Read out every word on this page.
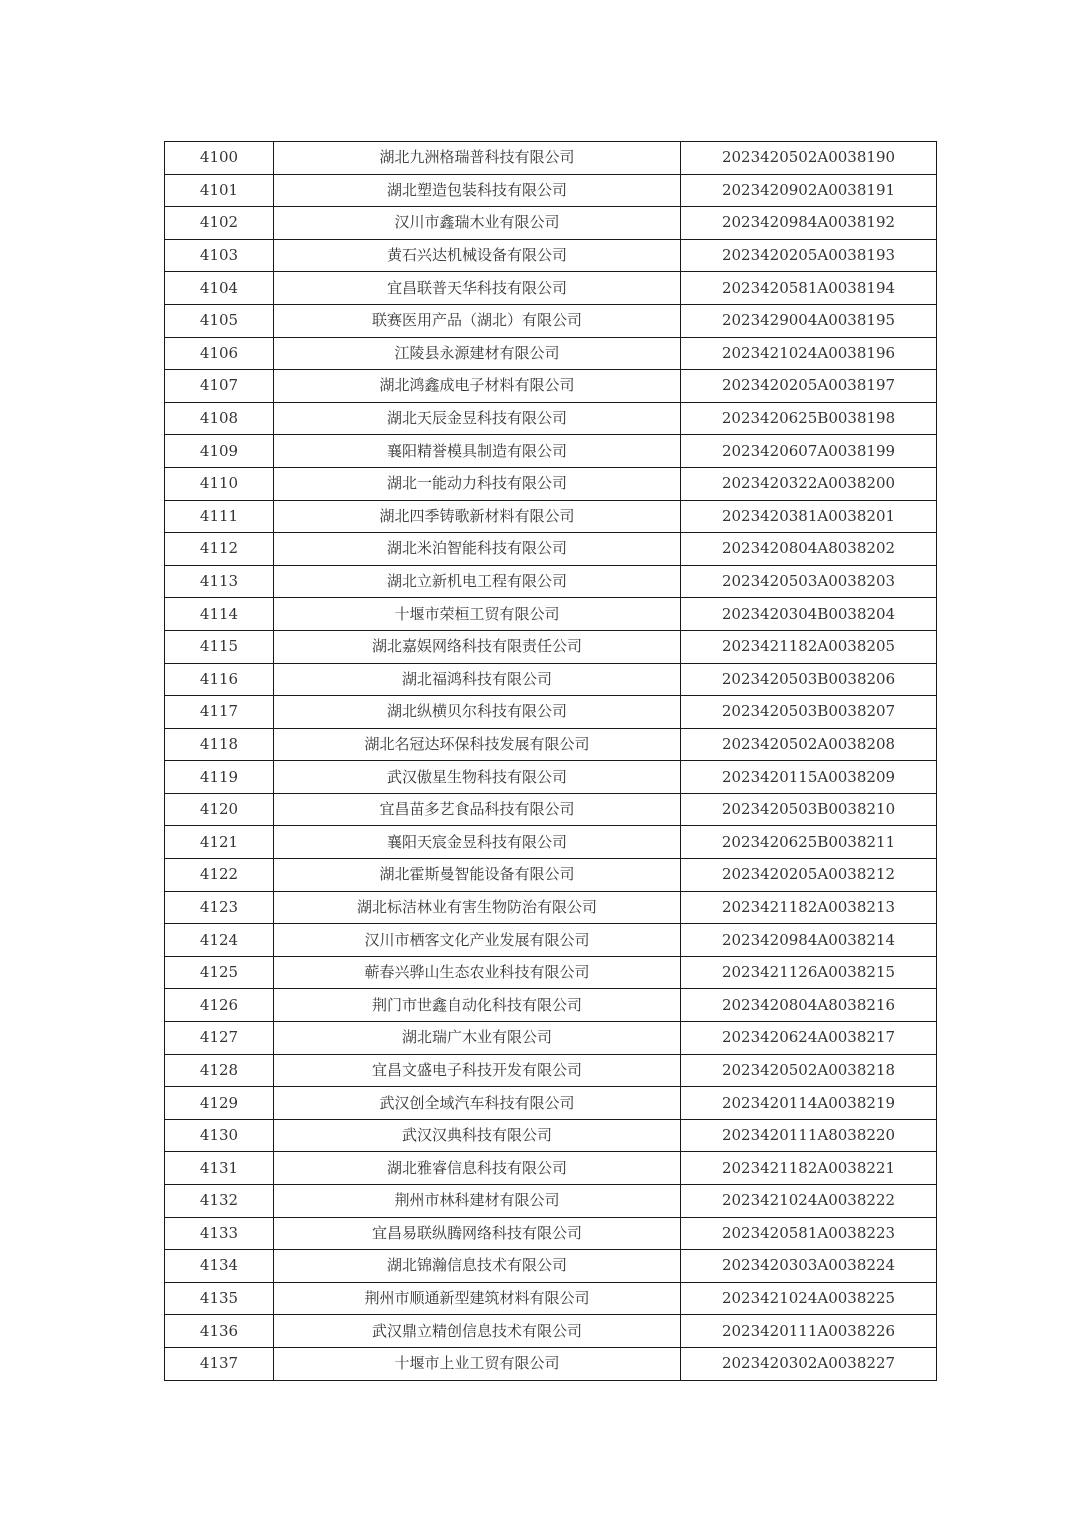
4100	湖北九洲格瑞普科技有限公司	2023420502A0038190
4101	湖北塑造包装科技有限公司	2023420902A0038191
4102	汉川市鑫瑞木业有限公司	2023420984A0038192
4103	黄石兴达机械设备有限公司	2023420205A0038193
4104	宜昌联普天华科技有限公司	2023420581A0038194
4105	联赛医用产品（湖北）有限公司	2023429004A0038195
4106	江陵县永源建材有限公司	2023421024A0038196
4107	湖北鸿鑫成电子材料有限公司	2023420205A0038197
4108	湖北天辰金昱科技有限公司	2023420625B0038198
4109	襄阳精誉模具制造有限公司	2023420607A0038199
4110	湖北一能动力科技有限公司	2023420322A0038200
4111	湖北四季铸歌新材料有限公司	2023420381A0038201
4112	湖北米泊智能科技有限公司	2023420804A8038202
4113	湖北立新机电工程有限公司	2023420503A0038203
4114	十堰市荣桓工贸有限公司	2023420304B0038204
4115	湖北嘉娱网络科技有限责任公司	2023421182A0038205
4116	湖北福鸿科技有限公司	2023420503B0038206
4117	湖北纵横贝尔科技有限公司	2023420503B0038207
4118	湖北名冠达环保科技发展有限公司	2023420502A0038208
4119	武汉傲星生物科技有限公司	2023420115A0038209
4120	宜昌苗多艺食品科技有限公司	2023420503B0038210
4121	襄阳天宸金昱科技有限公司	2023420625B0038211
4122	湖北霍斯曼智能设备有限公司	2023420205A0038212
4123	湖北标洁林业有害生物防治有限公司	2023421182A0038213
4124	汉川市栖客文化产业发展有限公司	2023420984A0038214
4125	蕲春兴骅山生态农业科技有限公司	2023421126A0038215
4126	荆门市世鑫自动化科技有限公司	2023420804A8038216
4127	湖北瑞广木业有限公司	2023420624A0038217
4128	宜昌文盛电子科技开发有限公司	2023420502A0038218
4129	武汉创全域汽车科技有限公司	2023420114A0038219
4130	武汉汉典科技有限公司	2023420111A8038220
4131	湖北雅睿信息科技有限公司	2023421182A0038221
4132	荆州市林科建材有限公司	2023421024A0038222
4133	宜昌易联纵腾网络科技有限公司	2023420581A0038223
4134	湖北锦瀚信息技术有限公司	2023420303A0038224
4135	荆州市顺通新型建筑材料有限公司	2023421024A0038225
4136	武汉鼎立精创信息技术有限公司	2023420111A0038226
4137	十堰市上业工贸有限公司	2023420302A0038227
